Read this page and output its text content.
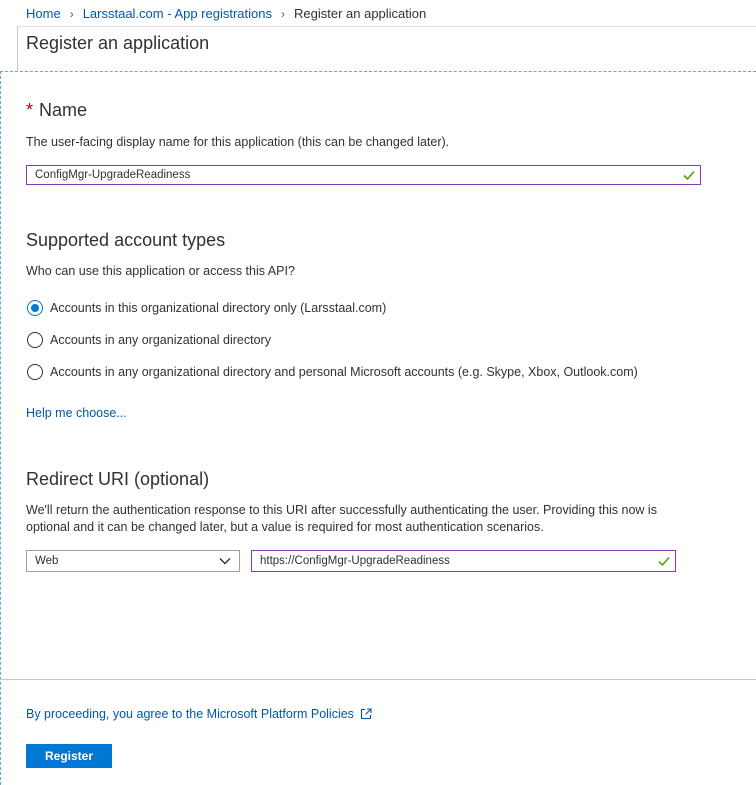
Home › Larsstaal.com - App registrations › Register an application
Register an application
* Name
The user-facing display name for this application (this can be changed later).
ConfigMgr-UpgradeReadiness
Supported account types
Who can use this application or access this API?
Accounts in this organizational directory only (Larsstaal.com)
Accounts in any organizational directory
Accounts in any organizational directory and personal Microsoft accounts (e.g. Skype, Xbox, Outlook.com)
Help me choose...
Redirect URI (optional)
We'll return the authentication response to this URI after successfully authenticating the user. Providing this now is optional and it can be changed later, but a value is required for most authentication scenarios.
Web	https://ConfigMgr-UpgradeReadiness
By proceeding, you agree to the Microsoft Platform Policies
Register
